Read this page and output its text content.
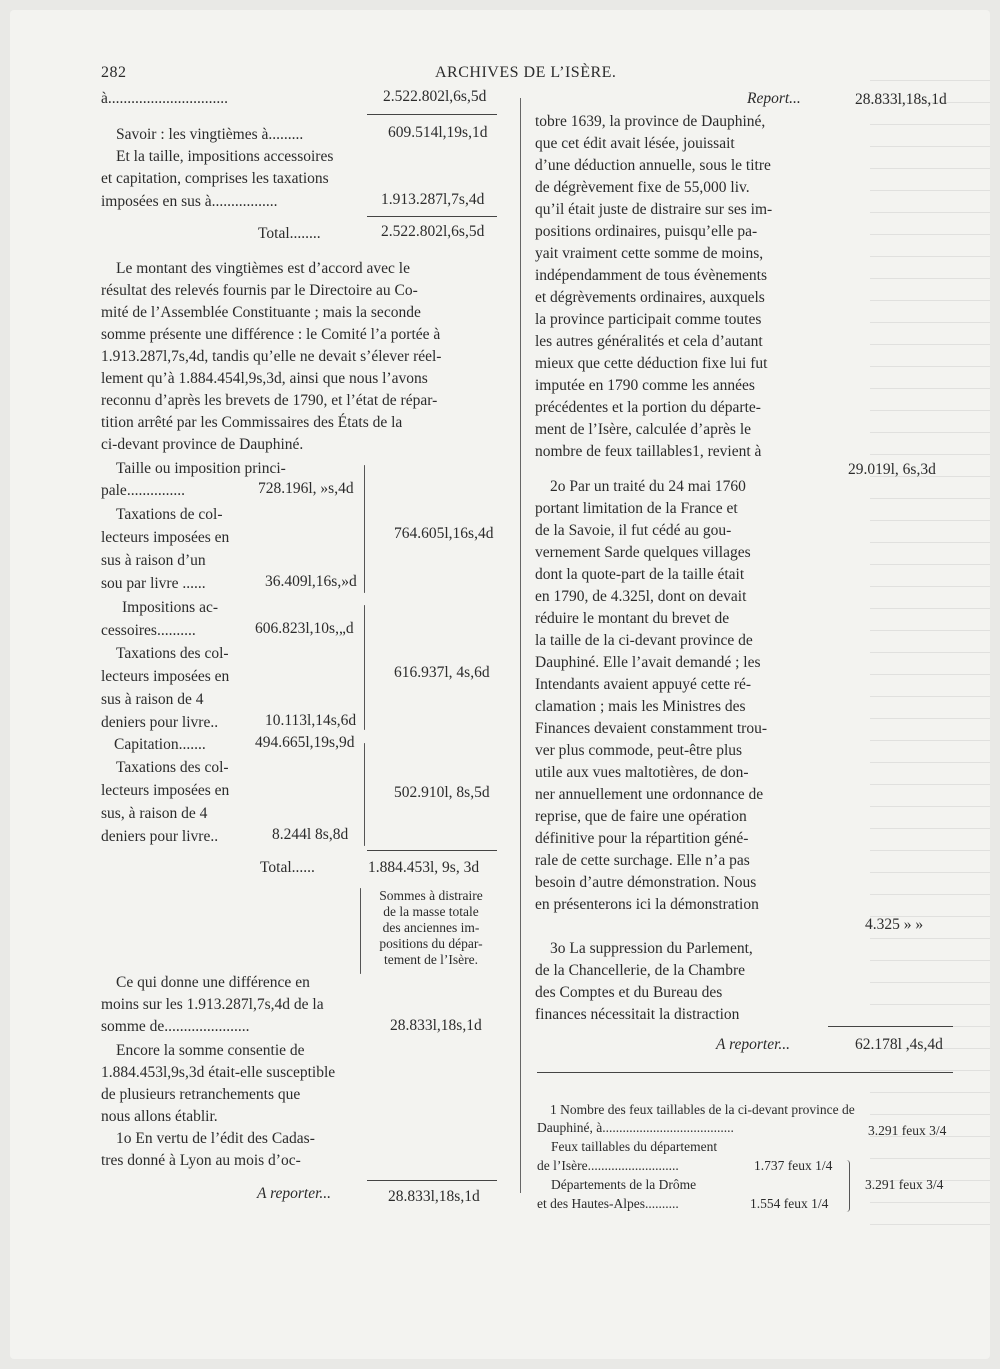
282	ARCHIVES DE L’ISÈRE.
à...............................	2.522.802l,6s,5d
Savoir : les vingtièmes à.........	609.514l,19s,1d
Et la taille, impositions accessoires
et capitation, comprises les taxations
imposées en sus à.................	1.913.287l,7s,4d
Total........	2.522.802l,6s,5d
Le montant des vingtièmes est d’accord avec le
résultat des relevés fournis par le Directoire au Co-
mité de l’Assemblée Constituante ; mais la seconde
somme présente une différence : le Comité l’a portée à
1.913.287l,7s,4d, tandis qu’elle ne devait s’élever réel-
lement qu’à 1.884.454l,9s,3d, ainsi que nous l’avons
reconnu d’après les brevets de 1790, et l’état de répar-
tition arrêté par les Commissaires des États de la
ci-devant province de Dauphiné.
Taille ou imposition princi-
pale...............	728.196l, »s,4d
Taxations de col-
lecteurs imposées en
sus à raison d’un
sou par livre ......	36.409l,16s,»d
764.605l,16s,4d
Impositions ac-
cessoires..........	606.823l,10s,„d
Taxations des col-
lecteurs imposées en
sus à raison de 4
deniers pour livre..	10.113l,14s,6d
616.937l, 4s,6d
Capitation.......	494.665l,19s,9d
Taxations des col-
lecteurs imposées en
sus, à raison de 4
deniers pour livre..	8.244l 8s,8d
502.910l, 8s,5d
Total......	1.884.453l, 9s, 3d
Sommes à distraire
de la masse totale
des anciennes im-
positions du dépar-
tement de l’Isère.
Ce qui donne une différence en
moins sur les 1.913.287l,7s,4d de la
somme de......................	28.833l,18s,1d
Encore la somme consentie de
1.884.453l,9s,3d était-elle susceptible
de plusieurs retranchements que
nous allons établir.
1o En vertu de l’édit des Cadas-
tres donné à Lyon au mois d’oc-
A reporter...	28.833l,18s,1d
Report...	28.833l,18s,1d
tobre 1639, la province de Dauphiné,
que cet édit avait lésée, jouissait
d’une déduction annuelle, sous le titre
de dégrèvement fixe de 55,000 liv.
qu’il était juste de distraire sur ses im-
positions ordinaires, puisqu’elle pa-
yait vraiment cette somme de moins,
indépendamment de tous évènements
et dégrèvements ordinaires, auxquels
la province participait comme toutes
les autres généralités et cela d’autant
mieux que cette déduction fixe lui fut
imputée en 1790 comme les années
précédentes et la portion du départe-
ment de l’Isère, calculée d’après le
nombre de feux taillables1, revient à
29.019l, 6s,3d
2o Par un traité du 24 mai 1760
portant limitation de la France et
de la Savoie, il fut cédé au gou-
vernement Sarde quelques villages
dont la quote-part de la taille était
en 1790, de 4.325l, dont on devait
réduire le montant du brevet de
la taille de la ci-devant province de
Dauphiné. Elle l’avait demandé ; les
Intendants avaient appuyé cette ré-
clamation ; mais les Ministres des
Finances devaient constamment trou-
ver plus commode, peut-être plus
utile aux vues maltotières, de don-
ner annuellement une ordonnance de
reprise, que de faire une opération
définitive pour la répartition géné-
rale de cette surchage. Elle n’a pas
besoin d’autre démonstration. Nous
en présenterons ici la démonstration
4.325 » »
3o La suppression du Parlement,
de la Chancellerie, de la Chambre
des Comptes et du Bureau des
finances nécessitait la distraction
A reporter...	62.178l ,4s,4d
1 Nombre des feux taillables de la ci-devant province de
Dauphiné, à.......................................	3.291 feux 3/4
Feux taillables du département
de l’Isère...........................	1.737 feux 1/4
Départements de la Drôme
et des Hautes-Alpes..........	1.554 feux 1/4
3.291 feux 3/4
